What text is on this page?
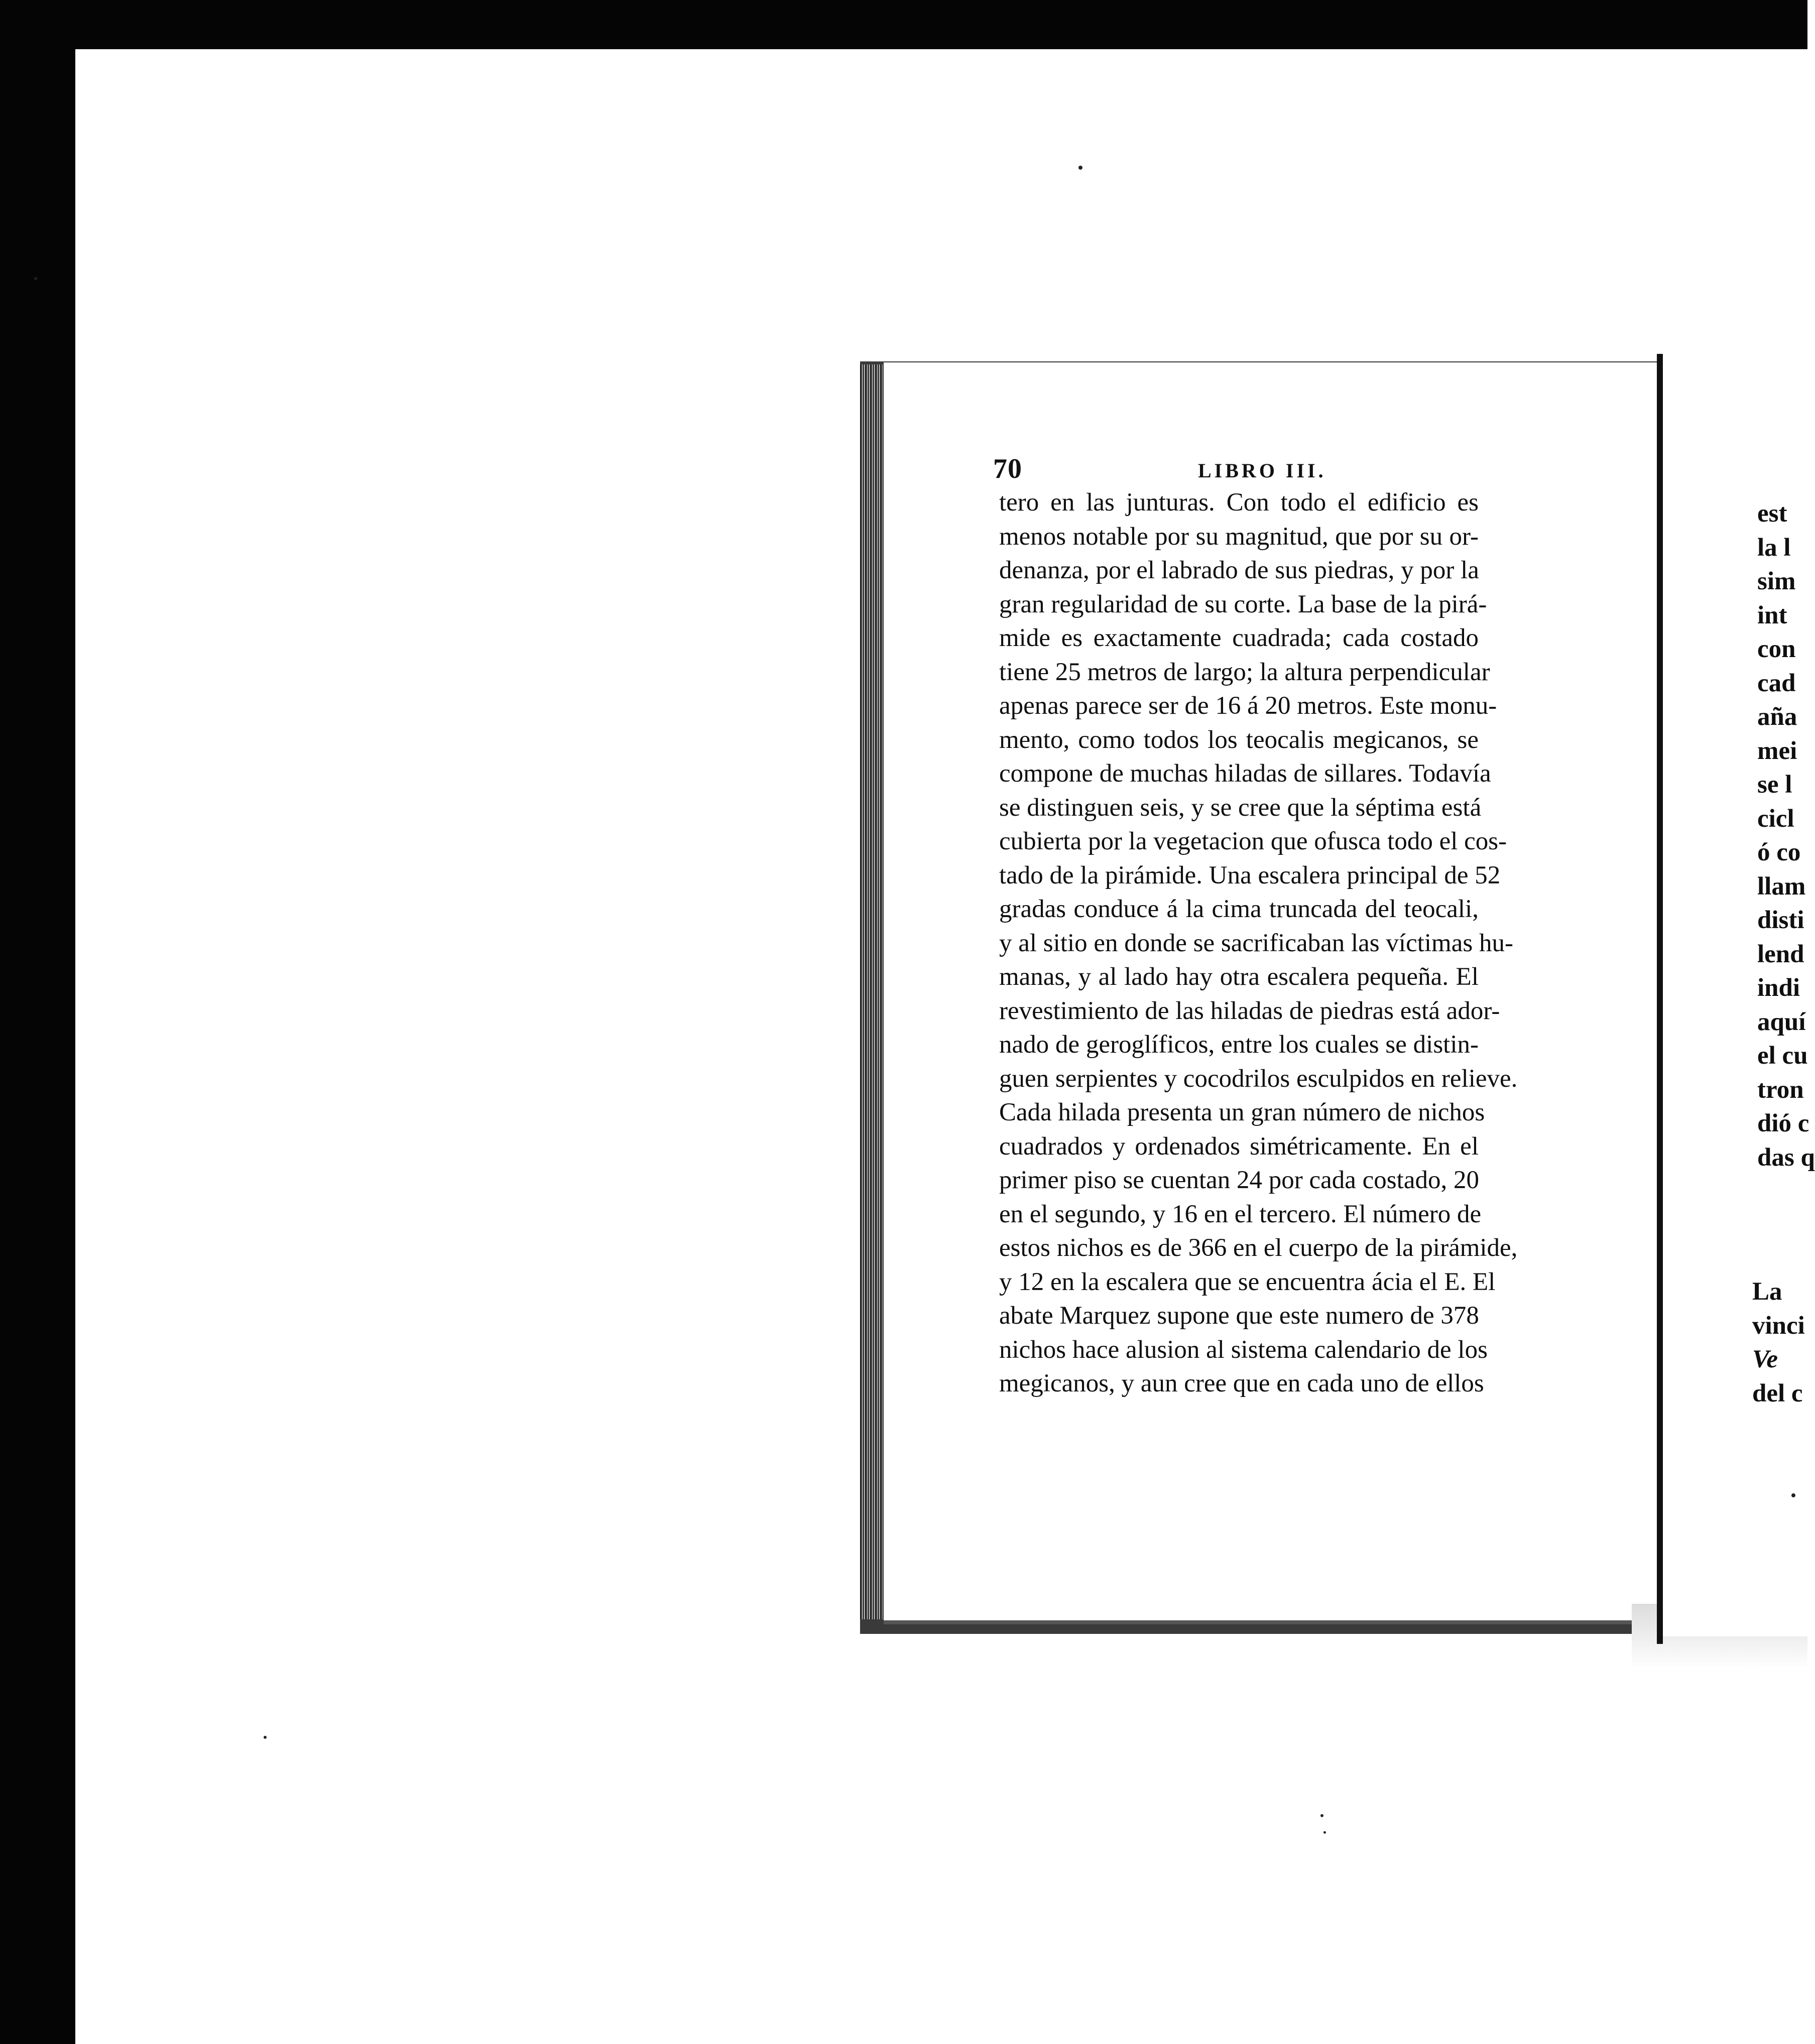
70	LIBRO III.
tero en las junturas. Con todo el edificio es
menos notable por su magnitud, que por su or-
denanza, por el labrado de sus piedras, y por la
gran regularidad de su corte. La base de la pirá-
mide es exactamente cuadrada; cada costado
tiene 25 metros de largo; la altura perpendicular
apenas parece ser de 16 á 20 metros. Este monu-
mento, como todos los teocalis megicanos, se
compone de muchas hiladas de sillares. Todavía
se distinguen seis, y se cree que la séptima está
cubierta por la vegetacion que ofusca todo el cos-
tado de la pirámide. Una escalera principal de 52
gradas conduce á la cima truncada del teocali,
y al sitio en donde se sacrificaban las víctimas hu-
manas, y al lado hay otra escalera pequeña. El
revestimiento de las hiladas de piedras está ador-
nado de geroglíficos, entre los cuales se distin-
guen serpientes y cocodrilos esculpidos en relieve.
Cada hilada presenta un gran número de nichos
cuadrados y ordenados simétricamente. En el
primer piso se cuentan 24 por cada costado, 20
en el segundo, y 16 en el tercero. El número de
estos nichos es de 366 en el cuerpo de la pirámide,
y 12 en la escalera que se encuentra ácia el E. El
abate Marquez supone que este numero de 378
nichos hace alusion al sistema calendario de los
megicanos, y aun cree que en cada uno de ellos
est
la l
sim
int
con
cad
aña
mei
se l
cicl
ó co
llam
disti
lend
indi
aquí
el cu
tron
dió c
das q
La
vinci
Ve
del c
